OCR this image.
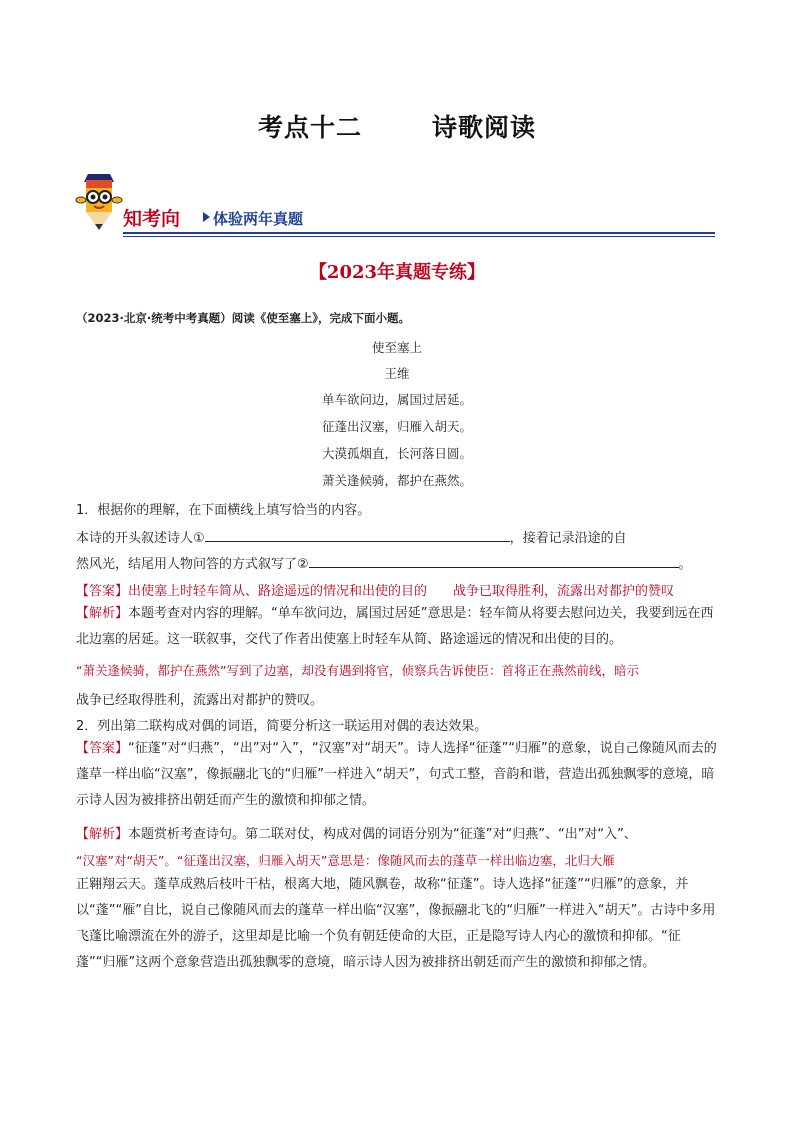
考点十二	诗歌阅读
知考向 体验两年真题
【2023年真题专练】
（2023·北京·统考中考真题）阅读《使至塞上》，完成下面小题。
使至塞上
王维
单车欲问边，属国过居延。
征蓬出汉塞，归雁入胡天。
大漠孤烟直，长河落日圆。
萧关逢候骑，都护在燕然。
1．根据你的理解，在下面横线上填写恰当的内容。
本诗的开头叙述诗人①	，接着记录沿途的自
然风光，结尾用人物问答的方式叙写了②	。
【答案】出使塞上时轻车简从、路途遥远的情况和出使的目的　　战争已取得胜利，流露出对都护的赞叹
【解析】本题考查对内容的理解。“单车欲问边，属国过居延”意思是：轻车简从将要去慰问边关，我要到远在西北边塞的居延。这一联叙事，交代了作者出使塞上时轻车从简、路途遥远的情况和出使的目的。
“萧关逢候骑，都护在燕然”写到了边塞，却没有遇到将官，侦察兵告诉使臣：首将正在燕然前线，暗示
战争已经取得胜利，流露出对都护的赞叹。
2．列出第二联构成对偶的词语，简要分析这一联运用对偶的表达效果。
【答案】“征蓬”对“归燕”，“出”对“入”，“汉塞”对“胡天”。诗人选择“征蓬”“归雁”的意象，说自己像随风而去的蓬草一样出临“汉塞”，像振翮北飞的“归雁”一样进入“胡天”，句式工整，音韵和谐，营造出孤独飘零的意境，暗示诗人因为被排挤出朝廷而产生的激愤和抑郁之情。
【解析】本题赏析考查诗句。第二联对仗，构成对偶的词语分别为“征蓬”对“归燕”、“出”对“入”、
“汉塞”对“胡天”。“征蓬出汉塞，归雁入胡天”意思是：像随风而去的蓬草一样出临边塞，北归大雁
正翱翔云天。蓬草成熟后枝叶干枯，根离大地，随风飘卷，故称“征蓬”。诗人选择“征蓬”“归雁”的意象，并以“蓬”“雁”自比，说自己像随风而去的蓬草一样出临“汉塞”，像振翮北飞的“归雁”一样进入“胡天”。古诗中多用飞蓬比喻漂流在外的游子，这里却是比喻一个负有朝廷使命的大臣，正是隐写诗人内心的激愤和抑郁。“征蓬”“归雁”这两个意象营造出孤独飘零的意境，暗示诗人因为被排挤出朝廷而产生的激愤和抑郁之情。
